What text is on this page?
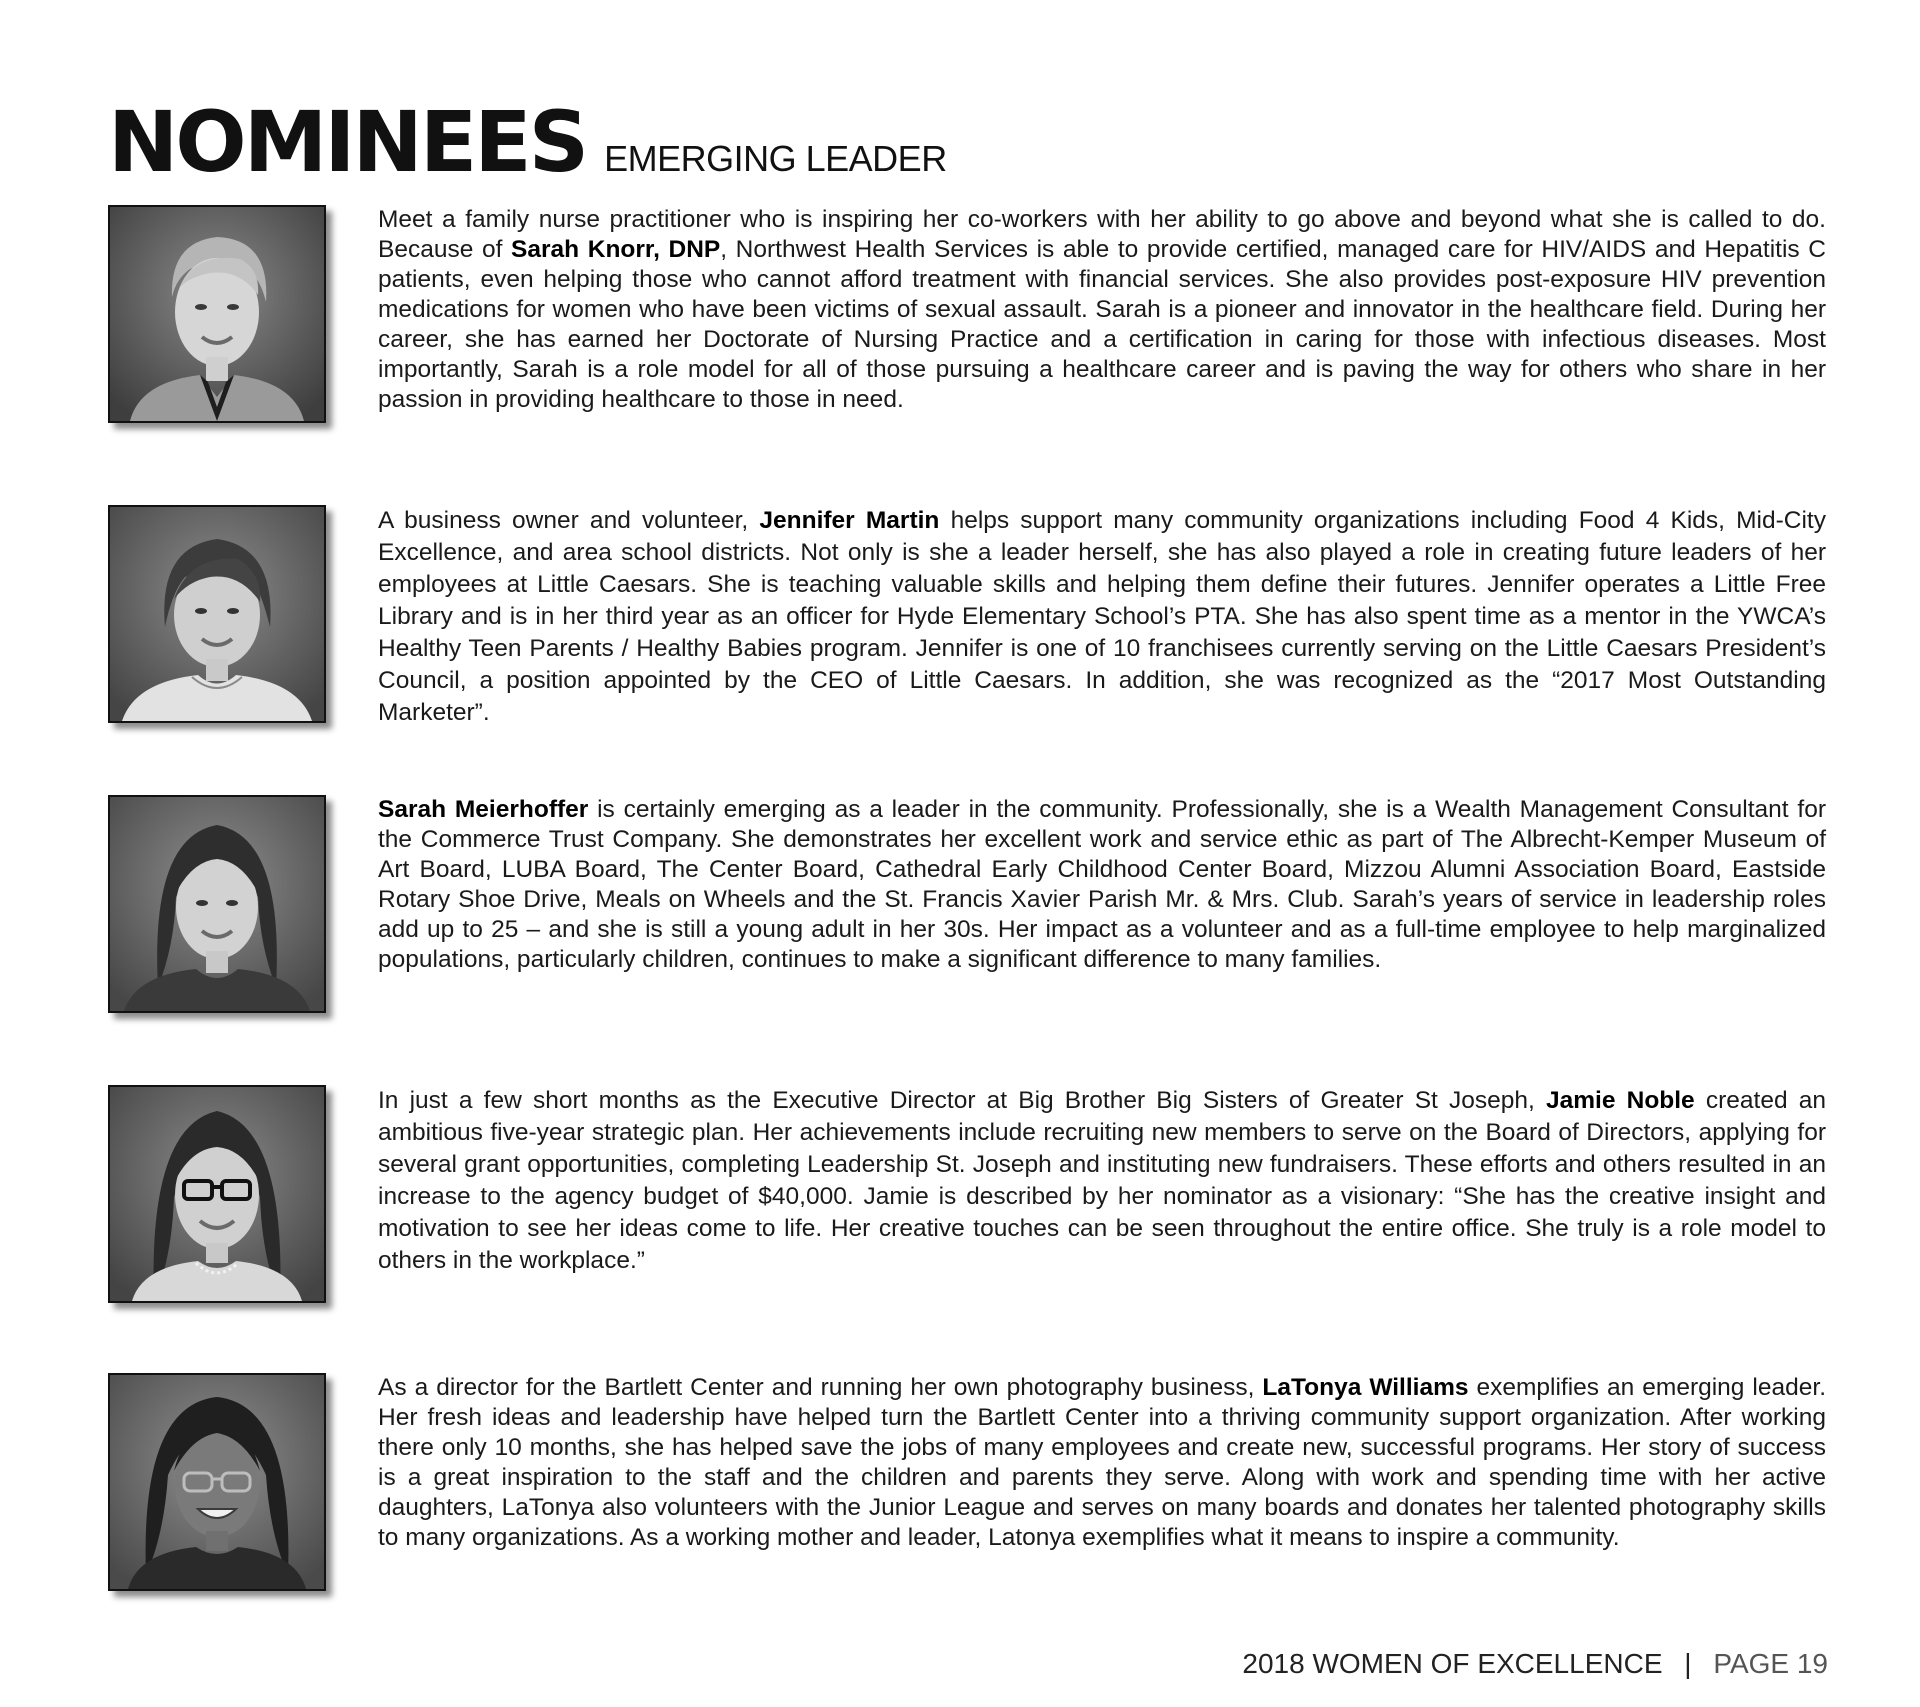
NOMINEES EMERGING LEADER

Meet a family nurse practitioner who is inspiring her co-workers with her ability to go above and beyond what she is called to do. Because of Sarah Knorr, DNP, Northwest Health Services is able to provide certified, managed care for HIV/AIDS and Hepatitis C patients, even helping those who cannot afford treatment with financial services. She also provides post-exposure HIV prevention medications for women who have been victims of sexual assault. Sarah is a pioneer and innovator in the healthcare field. During her career, she has earned her Doctorate of Nursing Practice and a certification in caring for those with infectious diseases. Most importantly, Sarah is a role model for all of those pursuing a healthcare career and is paving the way for others who share in her passion in providing healthcare to those in need.

A business owner and volunteer, Jennifer Martin helps support many community organizations including Food 4 Kids, Mid-City Excellence, and area school districts. Not only is she a leader herself, she has also played a role in creating future leaders of her employees at Little Caesars. She is teaching valuable skills and helping them define their futures. Jennifer operates a Little Free Library and is in her third year as an officer for Hyde Elementary School’s PTA. She has also spent time as a mentor in the YWCA’s Healthy Teen Parents / Healthy Babies program. Jennifer is one of 10 franchisees currently serving on the Little Caesars President’s Council, a position appointed by the CEO of Little Caesars. In addition, she was recognized as the “2017 Most Outstanding Marketer”.

Sarah Meierhoffer is certainly emerging as a leader in the community. Professionally, she is a Wealth Management Consultant for the Commerce Trust Company. She demonstrates her excellent work and service ethic as part of The Albrecht-Kemper Museum of Art Board, LUBA Board, The Center Board, Cathedral Early Childhood Center Board, Mizzou Alumni Association Board, Eastside Rotary Shoe Drive, Meals on Wheels and the St. Francis Xavier Parish Mr. & Mrs. Club. Sarah’s years of service in leadership roles add up to 25 – and she is still a young adult in her 30s. Her impact as a volunteer and as a full-time employee to help marginalized populations, particularly children, continues to make a significant difference to many families.

In just a few short months as the Executive Director at Big Brother Big Sisters of Greater St Joseph, Jamie Noble created an ambitious five-year strategic plan. Her achievements include recruiting new members to serve on the Board of Directors, applying for several grant opportunities, completing Leadership St. Joseph and instituting new fundraisers. These efforts and others resulted in an increase to the agency budget of $40,000. Jamie is described by her nominator as a visionary: “She has the creative insight and motivation to see her ideas come to life. Her creative touches can be seen throughout the entire office. She truly is a role model to others in the workplace.”

As a director for the Bartlett Center and running her own photography business, LaTonya Williams exemplifies an emerging leader. Her fresh ideas and leadership have helped turn the Bartlett Center into a thriving community support organization. After working there only 10 months, she has helped save the jobs of many employees and create new, successful programs. Her story of success is a great inspiration to the staff and the children and parents they serve. Along with work and spending time with her active daughters, LaTonya also volunteers with the Junior League and serves on many boards and donates her talented photography skills to many organizations. As a working mother and leader, Latonya exemplifies what it means to inspire a community.

2018 WOMEN OF EXCELLENCE | PAGE 19
